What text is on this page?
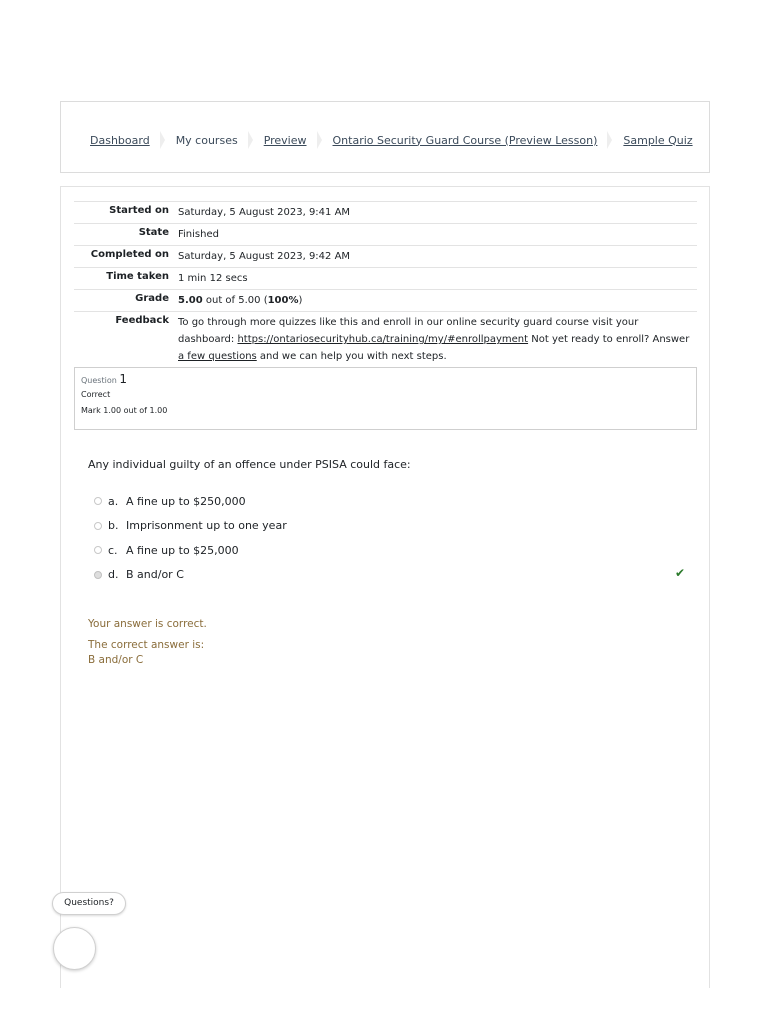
Dashboard My courses Preview Ontario Security Guard Course (Preview Lesson) Sample Quiz
Started on	Saturday, 5 August 2023, 9:41 AM
State	Finished
Completed on	Saturday, 5 August 2023, 9:42 AM
Time taken	1 min 12 secs
Grade	5.00 out of 5.00 (100%)
Feedback	To go through more quizzes like this and enroll in our online security guard course visit your dashboard: https://ontariosecurityhub.ca/training/my/#enrollpayment Not yet ready to enroll? Answer a few questions and we can help you with next steps.
Question 1
Correct
Mark 1.00 out of 1.00
Any individual guilty of an offence under PSISA could face:
a. A fine up to $250,000
b. Imprisonment up to one year
c. A fine up to $25,000
d. B and/or C	✔
Your answer is correct.
The correct answer is:
B and/or C
Questions?
